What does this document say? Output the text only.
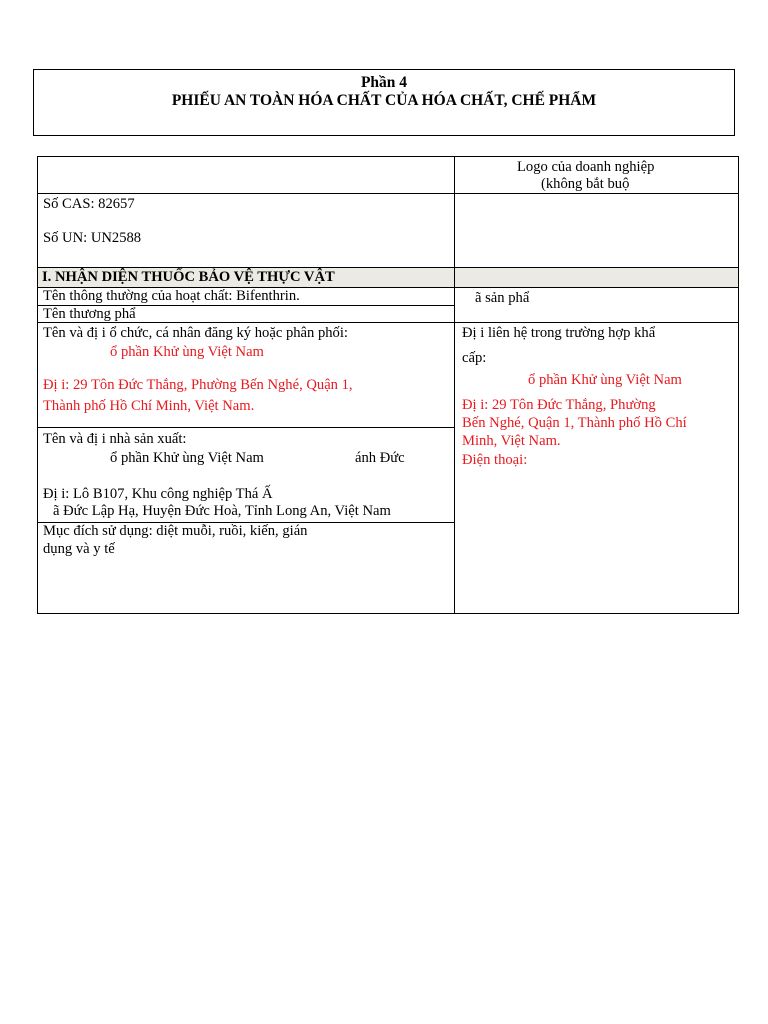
Phần 4
PHIẾU AN TOÀN HÓA CHẤT CỦA HÓA CHẤT, CHẾ PHẨM
Logo của doanh nghiệp
(không bắt buộ
Số CAS: 82657
Số UN: UN2588
I. NHẬN DIỆN THUỐC BẢO VỆ THỰC VẬT
Tên thông thường của hoạt chất: Bifenthrin.	ã sản phẩ
Tên thương phẩ
Tên và đị i ổ chức, cá nhân đăng ký hoặc phân phối:
ổ phần Khử ùng Việt Nam
Đị i: 29 Tôn Đức Thắng, Phường Bến Nghé, Quận 1,
Thành phố Hồ Chí Minh, Việt Nam.
Đị i liên hệ trong trường hợp khẩ
cấp:
ổ phần Khử ùng Việt Nam
Đị i: 29 Tôn Đức Thắng, Phường
Bến Nghé, Quận 1, Thành phố Hồ Chí
Minh, Việt Nam.
Điện thoại:
Tên và đị i nhà sản xuất:
ổ phần Khử ùng Việt Nam	ánh Đức
Đị i: Lô B107, Khu công nghiệp Thá Ấ
ã Đức Lập Hạ, Huyện Đức Hoà, Tỉnh Long An, Việt Nam
Mục đích sử dụng: diệt muỗi, ruồi, kiến, gián
dụng và y tế
